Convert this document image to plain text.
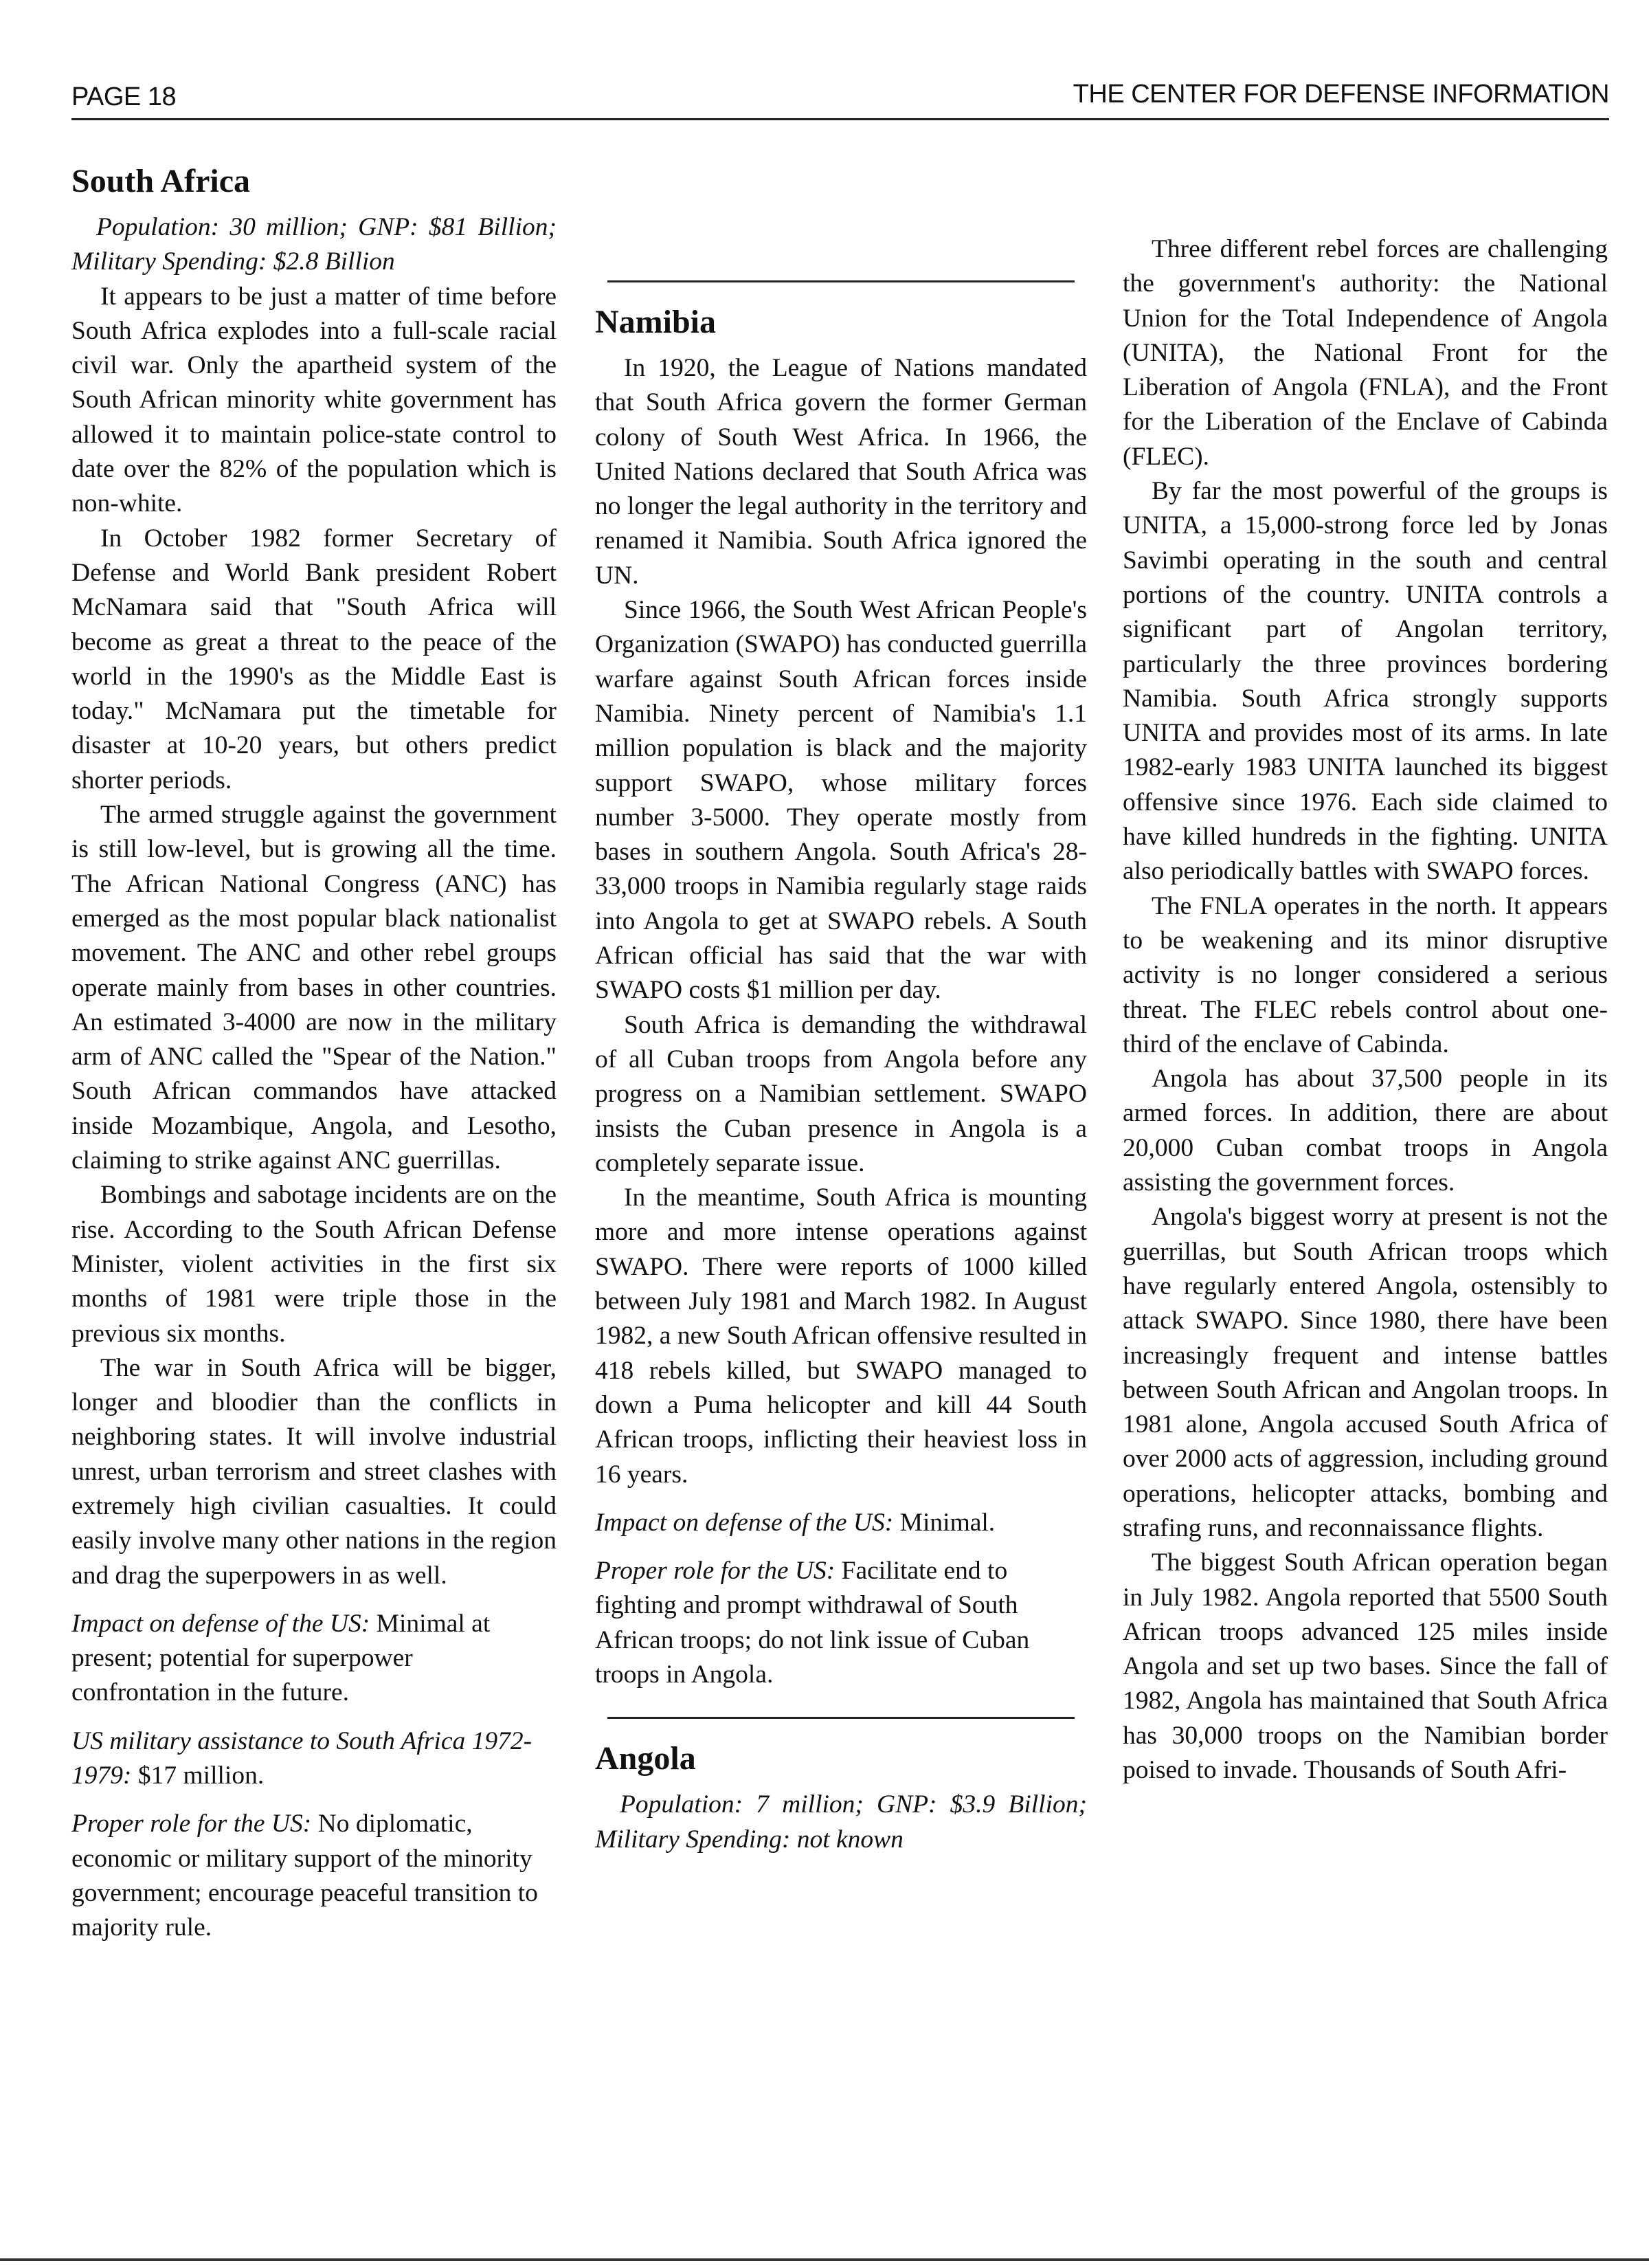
PAGE 18	THE CENTER FOR DEFENSE INFORMATION
South Africa

Population: 30 million; GNP: $81 Billion; Military Spending: $2.8 Billion

It appears to be just a matter of time before South Africa explodes into a full-scale racial civil war. Only the apartheid system of the South African minority white government has allowed it to maintain police-state control to date over the 82% of the population which is non-white.

In October 1982 former Secretary of Defense and World Bank president Robert McNamara said that "South Africa will become as great a threat to the peace of the world in the 1990's as the Middle East is today." McNamara put the timetable for disaster at 10-20 years, but others predict shorter periods.

The armed struggle against the government is still low-level, but is growing all the time. The African National Congress (ANC) has emerged as the most popular black nationalist movement. The ANC and other rebel groups operate mainly from bases in other countries. An estimated 3-4000 are now in the military arm of ANC called the "Spear of the Nation." South African commandos have attacked inside Mozambique, Angola, and Lesotho, claiming to strike against ANC guerrillas.

Bombings and sabotage incidents are on the rise. According to the South African Defense Minister, violent activities in the first six months of 1981 were triple those in the previous six months.

The war in South Africa will be bigger, longer and bloodier than the conflicts in neighboring states. It will involve industrial unrest, urban terrorism and street clashes with extremely high civilian casualties. It could easily involve many other nations in the region and drag the superpowers in as well.

Impact on defense of the US: Minimal at present; potential for superpower confrontation in the future.

US military assistance to South Africa 1972-1979: $17 million.

Proper role for the US: No diplomatic, economic or military support of the minority government; encourage peaceful transition to majority rule.

Namibia

In 1920, the League of Nations mandated that South Africa govern the former German colony of South West Africa. In 1966, the United Nations declared that South Africa was no longer the legal authority in the territory and renamed it Namibia. South Africa ignored the UN.

Since 1966, the South West African People's Organization (SWAPO) has conducted guerrilla warfare against South African forces inside Namibia. Ninety percent of Namibia's 1.1 million population is black and the majority support SWAPO, whose military forces number 3-5000. They operate mostly from bases in southern Angola. South Africa's 28-33,000 troops in Namibia regularly stage raids into Angola to get at SWAPO rebels. A South African official has said that the war with SWAPO costs $1 million per day.

South Africa is demanding the withdrawal of all Cuban troops from Angola before any progress on a Namibian settlement. SWAPO insists the Cuban presence in Angola is a completely separate issue.

In the meantime, South Africa is mounting more and more intense operations against SWAPO. There were reports of 1000 killed between July 1981 and March 1982. In August 1982, a new South African offensive resulted in 418 rebels killed, but SWAPO managed to down a Puma helicopter and kill 44 South African troops, inflicting their heaviest loss in 16 years.

Impact on defense of the US: Minimal.

Proper role for the US: Facilitate end to fighting and prompt withdrawal of South African troops; do not link issue of Cuban troops in Angola.

Angola

Population: 7 million; GNP: $3.9 Billion; Military Spending: not known

Three different rebel forces are challenging the government's authority: the National Union for the Total Independence of Angola (UNITA), the National Front for the Liberation of Angola (FNLA), and the Front for the Liberation of the Enclave of Cabinda (FLEC).

By far the most powerful of the groups is UNITA, a 15,000-strong force led by Jonas Savimbi operating in the south and central portions of the country. UNITA controls a significant part of Angolan territory, particularly the three provinces bordering Namibia. South Africa strongly supports UNITA and provides most of its arms. In late 1982-early 1983 UNITA launched its biggest offensive since 1976. Each side claimed to have killed hundreds in the fighting. UNITA also periodically battles with SWAPO forces.

The FNLA operates in the north. It appears to be weakening and its minor disruptive activity is no longer considered a serious threat. The FLEC rebels control about one-third of the enclave of Cabinda.

Angola has about 37,500 people in its armed forces. In addition, there are about 20,000 Cuban combat troops in Angola assisting the government forces.

Angola's biggest worry at present is not the guerrillas, but South African troops which have regularly entered Angola, ostensibly to attack SWAPO. Since 1980, there have been increasingly frequent and intense battles between South African and Angolan troops. In 1981 alone, Angola accused South Africa of over 2000 acts of aggression, including ground operations, helicopter attacks, bombing and strafing runs, and reconnaissance flights.

The biggest South African operation began in July 1982. Angola reported that 5500 South African troops advanced 125 miles inside Angola and set up two bases. Since the fall of 1982, Angola has maintained that South Africa has 30,000 troops on the Namibian border poised to invade. Thousands of South Afri-
